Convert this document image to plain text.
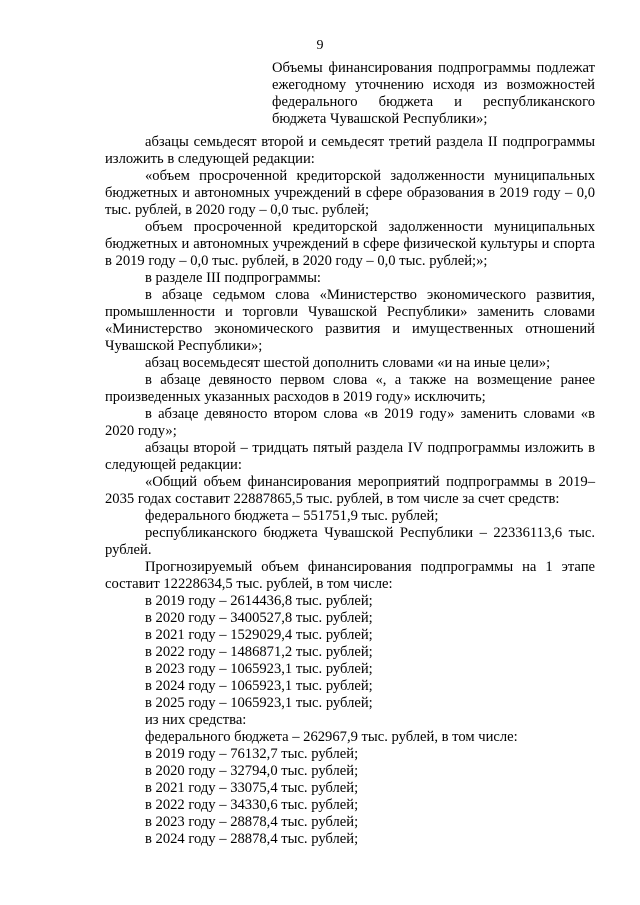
9
Объемы финансирования подпрограммы подлежат ежегодному уточнению исходя из возможностей федерального бюджета и республиканского бюджета Чувашской Республики»;

абзацы семьдесят второй и семьдесят третий раздела II подпрограммы изложить в следующей редакции:

«объем просроченной кредиторской задолженности муниципальных бюджетных и автономных учреждений в сфере образования в 2019 году – 0,0 тыс. рублей, в 2020 году – 0,0 тыс. рублей;

объем просроченной кредиторской задолженности муниципальных бюджетных и автономных учреждений в сфере физической культуры и спорта в 2019 году – 0,0 тыс. рублей, в 2020 году – 0,0 тыс. рублей;»;

в разделе III подпрограммы:

в абзаце седьмом слова «Министерство экономического развития, промышленности и торговли Чувашской Республики» заменить словами «Министерство экономического развития и имущественных отношений Чувашской Республики»;

абзац восемьдесят шестой дополнить словами «и на иные цели»;

в абзаце девяносто первом слова «, а также на возмещение ранее произведенных указанных расходов в 2019 году» исключить;

в абзаце девяносто втором слова «в 2019 году» заменить словами «в 2020 году»;

абзацы второй – тридцать пятый раздела IV подпрограммы изложить в следующей редакции:

«Общий объем финансирования мероприятий подпрограммы в 2019–2035 годах составит 22887865,5 тыс. рублей, в том числе за счет средств:

федерального бюджета – 551751,9 тыс. рублей;

республиканского бюджета Чувашской Республики – 22336113,6 тыс. рублей.

Прогнозируемый объем финансирования подпрограммы на 1 этапе составит 12228634,5 тыс. рублей, в том числе:

в 2019 году – 2614436,8 тыс. рублей;

в 2020 году – 3400527,8 тыс. рублей;

в 2021 году – 1529029,4 тыс. рублей;

в 2022 году – 1486871,2 тыс. рублей;

в 2023 году – 1065923,1 тыс. рублей;

в 2024 году – 1065923,1 тыс. рублей;

в 2025 году – 1065923,1 тыс. рублей;

из них средства:

федерального бюджета – 262967,9 тыс. рублей, в том числе:

в 2019 году – 76132,7 тыс. рублей;

в 2020 году – 32794,0 тыс. рублей;

в 2021 году – 33075,4 тыс. рублей;

в 2022 году – 34330,6 тыс. рублей;

в 2023 году – 28878,4 тыс. рублей;

в 2024 году – 28878,4 тыс. рублей;
